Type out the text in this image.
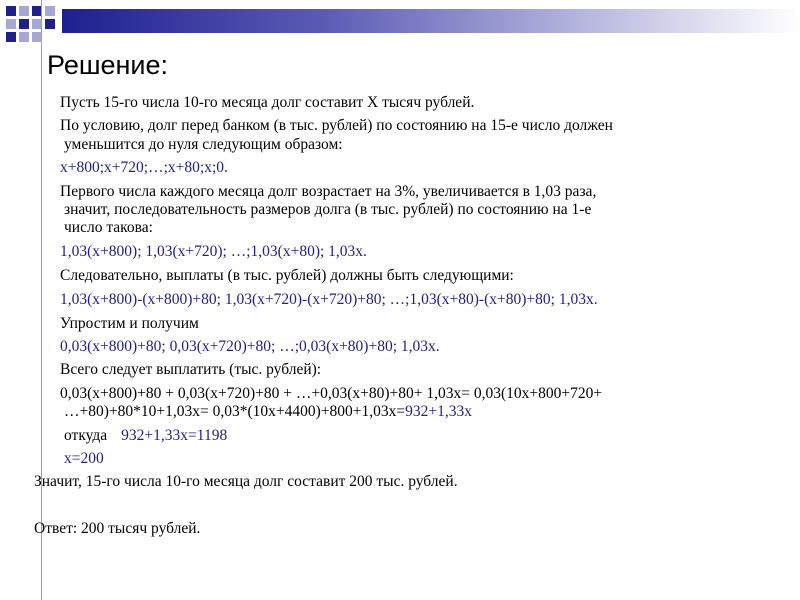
Решение:
Пусть 15-го числа 10-го месяца долг составит X тысяч рублей.
По условию, долг перед банком (в тыс. рублей) по состоянию на 15-е число должен
уменьшится до нуля следующим образом:
x+800;x+720;…;x+80;x;0.
Первого числа каждого месяца долг возрастает на 3%, увеличивается в 1,03 раза,
значит, последовательность размеров долга (в тыс. рублей) по состоянию на 1-е
число такова:
1,03(x+800); 1,03(x+720); …;1,03(x+80); 1,03x.
Следовательно, выплаты (в тыс. рублей) должны быть следующими:
1,03(x+800)-(x+800)+80; 1,03(x+720)-(x+720)+80; …;1,03(x+80)-(x+80)+80; 1,03x.
Упростим и получим
0,03(x+800)+80; 0,03(x+720)+80; …;0,03(x+80)+80; 1,03x.
Всего следует выплатить (тыс. рублей):
0,03(x+800)+80 + 0,03(x+720)+80 + …+0,03(x+80)+80+ 1,03x= 0,03(10x+800+720+
…+80)+80*10+1,03x= 0,03*(10x+4400)+800+1,03x=932+1,33x
откуда 932+1,33x=1198
x=200
Значит, 15-го числа 10-го месяца долг составит 200 тыс. рублей.
Ответ: 200 тысяч рублей.
